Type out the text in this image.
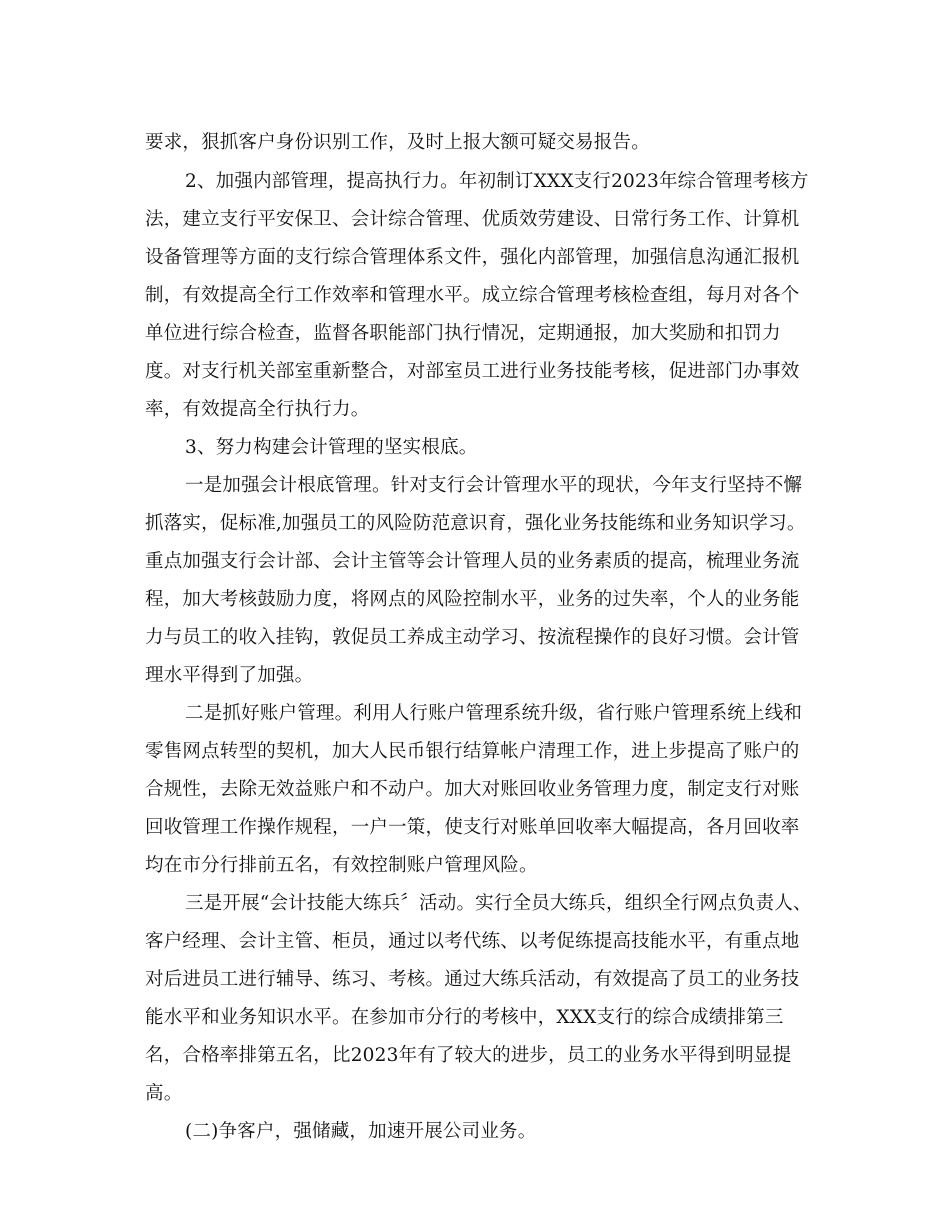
要求，狠抓客户身份识别工作，及时上报大额可疑交易报告。
2、加强内部管理，提高执行力。年初制订XXX支行2023年综合管理考核方
法，建立支行平安保卫、会计综合管理、优质效劳建设、日常行务工作、计算机
设备管理等方面的支行综合管理体系文件，强化内部管理，加强信息沟通汇报机
制，有效提高全行工作效率和管理水平。成立综合管理考核检查组，每月对各个
单位进行综合检查，监督各职能部门执行情况，定期通报，加大奖励和扣罚力
度。对支行机关部室重新整合，对部室员工进行业务技能考核，促进部门办事效
率，有效提高全行执行力。
3、努力构建会计管理的坚实根底。
一是加强会计根底管理。针对支行会计管理水平的现状，今年支行坚持不懈
抓落实，促标准,加强员工的风险防范意识育，强化业务技能练和业务知识学习。
重点加强支行会计部、会计主管等会计管理人员的业务素质的提高，梳理业务流
程，加大考核鼓励力度，将网点的风险控制水平，业务的过失率，个人的业务能
力与员工的收入挂钩，敦促员工养成主动学习、按流程操作的良好习惯。会计管
理水平得到了加强。
二是抓好账户管理。利用人行账户管理系统升级，省行账户管理系统上线和
零售网点转型的契机，加大人民币银行结算帐户清理工作，进上步提高了账户的
合规性，去除无效益账户和不动户。加大对账回收业务管理力度，制定支行对账
回收管理工作操作规程，一户一策，使支行对账单回收率大幅提高，各月回收率
均在市分行排前五名，有效控制账户管理风险。
三是开展“会计技能大练兵〞活动。实行全员大练兵，组织全行网点负责人、
客户经理、会计主管、柜员，通过以考代练、以考促练提高技能水平，有重点地
对后进员工进行辅导、练习、考核。通过大练兵活动，有效提高了员工的业务技
能水平和业务知识水平。在参加市分行的考核中，XXX支行的综合成绩排第三
名，合格率排第五名，比2023年有了较大的进步，员工的业务水平得到明显提
高。
(二)争客户，强储藏，加速开展公司业务。
